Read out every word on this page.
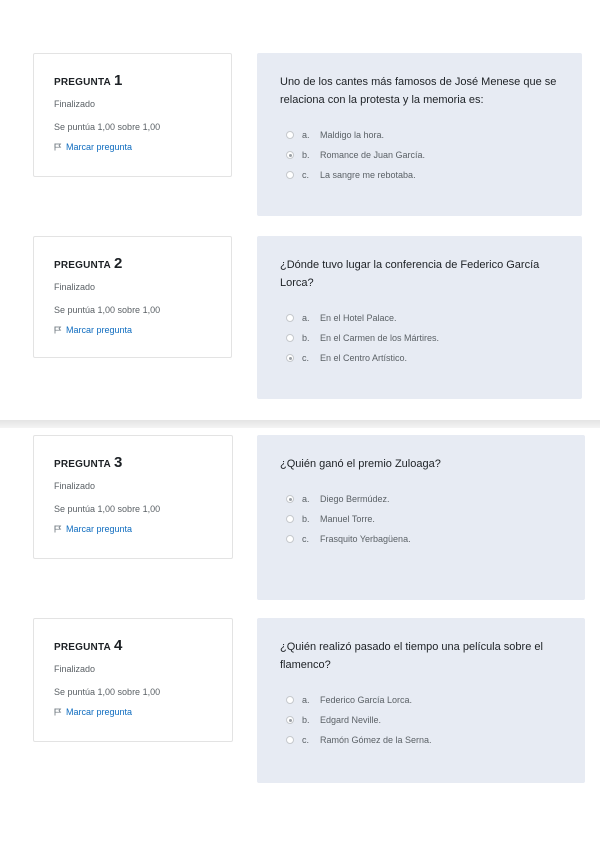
PREGUNTA 1
Finalizado
Se puntúa 1,00 sobre 1,00
Marcar pregunta
Uno de los cantes más famosos de José Menese que se relaciona con la protesta y la memoria es:
a.	Maldigo la hora.
b.	Romance de Juan García.
c.	La sangre me rebotaba.
PREGUNTA 2
Finalizado
Se puntúa 1,00 sobre 1,00
Marcar pregunta
¿Dónde tuvo lugar la conferencia de Federico García Lorca?
a.	En el Hotel Palace.
b.	En el Carmen de los Mártires.
c.	En el Centro Artístico.
PREGUNTA 3
Finalizado
Se puntúa 1,00 sobre 1,00
Marcar pregunta
¿Quién ganó el premio Zuloaga?
a.	Diego Bermúdez.
b.	Manuel Torre.
c.	Frasquito Yerbagüena.
PREGUNTA 4
Finalizado
Se puntúa 1,00 sobre 1,00
Marcar pregunta
¿Quién realizó pasado el tiempo una película sobre el flamenco?
a.	Federico García Lorca.
b.	Edgard Neville.
c.	Ramón Gómez de la Serna.
